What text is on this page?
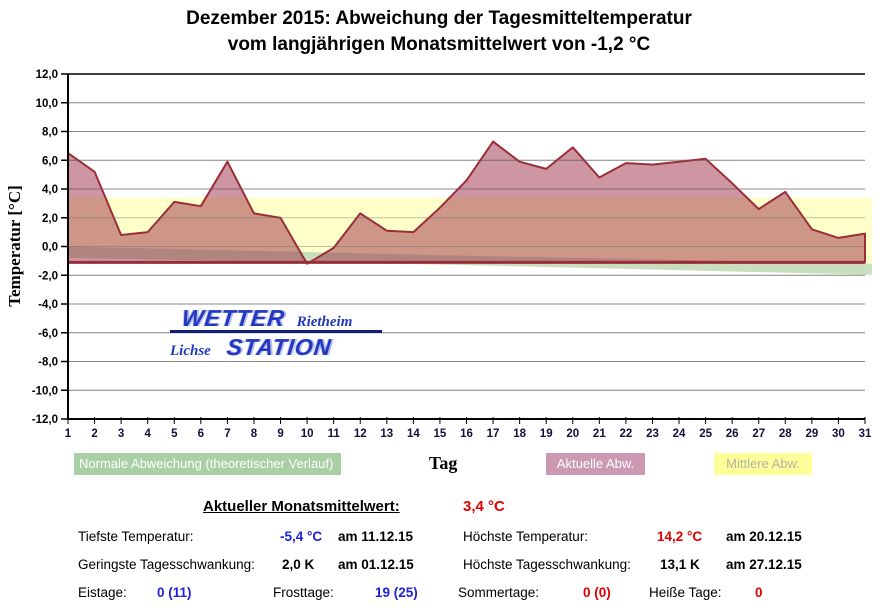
Dezember 2015: Abweichung der Tagesmitteltemperatur
vom langjährigen Monatsmittelwert von -1,2 °C
12,0
10,0
8,0
6,0
4,0
2,0
0,0
-2,0
-4,0
-6,0
-8,0
-10,0
-12,0
1 2 3 4 5 6 7 8 9 10 11 12 13 14 15 16 17 18 19 20 21 22 23 24 25 26 27 28 29 30 31
Temperatur [°C]
WETTER Rietheim
Lichse STATION
Normale Abweichung (theoretischer Verlauf)	Tag	Aktuelle Abw.	Mittlere Abw.
Aktueller Monatsmittelwert:	3,4 °C
Tiefste Temperatur:	-5,4 °C am 11.12.15	Höchste Temperatur:	14,2 °C am 20.12.15
Geringste Tagesschwankung: 2,0 K am 01.12.15	Höchste Tagesschwankung: 13,1 K am 27.12.15
Eistage: 0 (11)	Frosttage:	19 (25)	Sommertage:	0 (0)	Heiße Tage: 0
